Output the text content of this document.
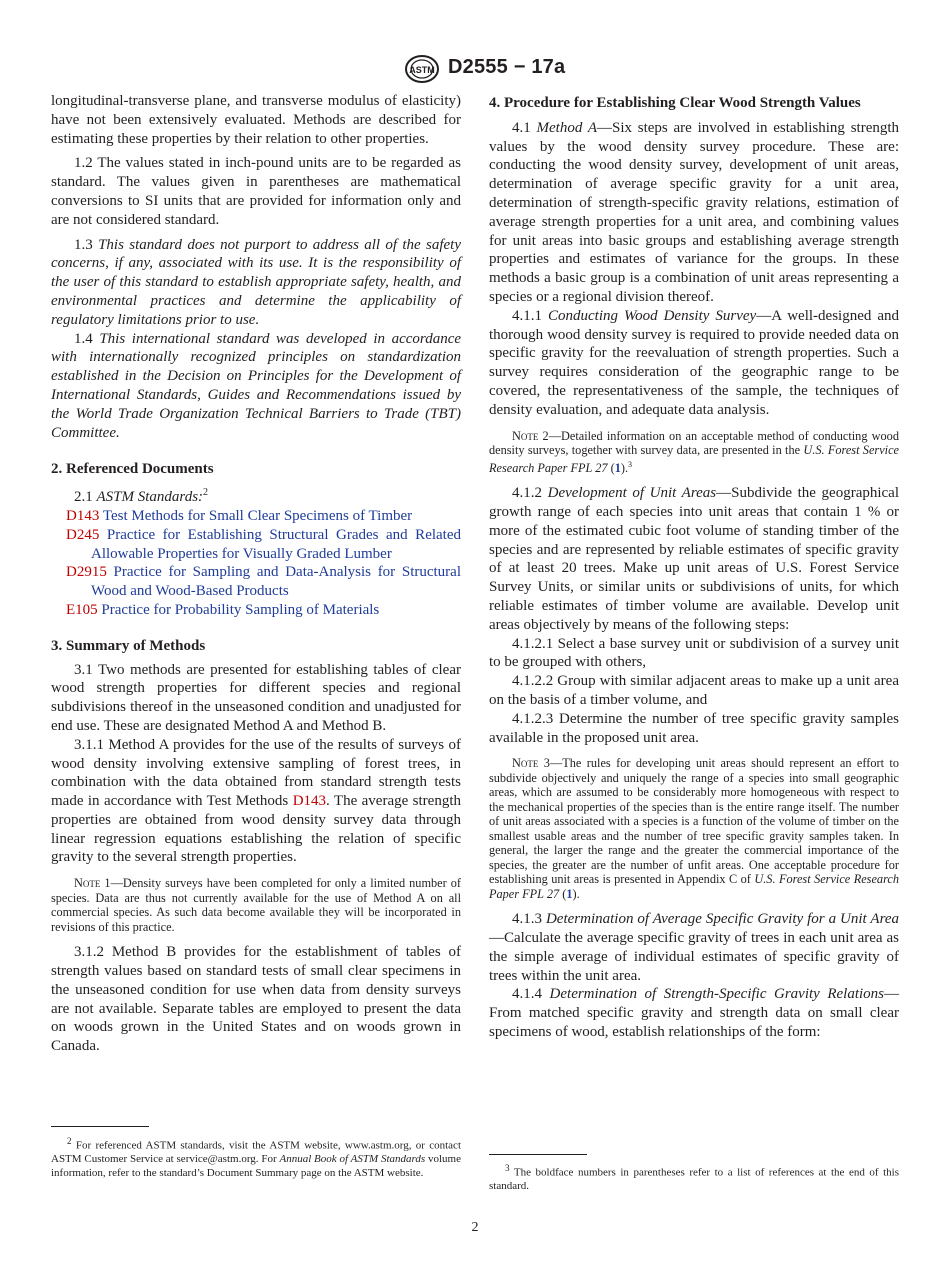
ASTM D2555 − 17a

longitudinal-transverse plane, and transverse modulus of elasticity) have not been extensively evaluated. Methods are described for estimating these properties by their relation to other properties.

1.2 The values stated in inch-pound units are to be regarded as standard. The values given in parentheses are mathematical conversions to SI units that are provided for information only and are not considered standard.

1.3 This standard does not purport to address all of the safety concerns, if any, associated with its use. It is the responsibility of the user of this standard to establish appropriate safety, health, and environmental practices and determine the applicability of regulatory limitations prior to use.

1.4 This international standard was developed in accordance with internationally recognized principles on standardization established in the Decision on Principles for the Development of International Standards, Guides and Recommendations issued by the World Trade Organization Technical Barriers to Trade (TBT) Committee.

2. Referenced Documents

2.1 ASTM Standards:$^2$

D143 Test Methods for Small Clear Specimens of Timber
D245 Practice for Establishing Structural Grades and Related Allowable Properties for Visually Graded Lumber
D2915 Practice for Sampling and Data-Analysis for Structural Wood and Wood-Based Products
E105 Practice for Probability Sampling of Materials
3. Summary of Methods

3.1 Two methods are presented for establishing tables of clear wood strength properties for different species and regional subdivisions thereof in the unseasoned condition and unadjusted for end use. These are designated Method A and Method B.

3.1.1 Method A provides for the use of the results of surveys of wood density involving extensive sampling of forest trees, in combination with the data obtained from standard strength tests made in accordance with Test Methods D143. The average strength properties are obtained from wood density survey data through linear regression equations establishing the relation of specific gravity to the several strength properties.

Note 1—Density surveys have been completed for only a limited number of species. Data are thus not currently available for the use of Method A on all commercial species. As such data become available they will be incorporated in revisions of this practice.

3.1.2 Method B provides for the establishment of tables of strength values based on standard tests of small clear specimens in the unseasoned condition for use when data from density surveys are not available. Separate tables are employed to present the data on woods grown in the United States and on woods grown in Canada.

$^2$ For referenced ASTM standards, visit the ASTM website, www.astm.org, or contact ASTM Customer Service at service@astm.org. For Annual Book of ASTM Standards volume information, refer to the standard’s Document Summary page on the ASTM website.
4. Procedure for Establishing Clear Wood Strength Values

4.1 Method A—Six steps are involved in establishing strength values by the wood density survey procedure. These are: conducting the wood density survey, development of unit areas, determination of average specific gravity for a unit area, determination of strength-specific gravity relations, estimation of average strength properties for a unit area, and combining values for unit areas into basic groups and establishing average strength properties and estimates of variance for the groups. In these methods a basic group is a combination of unit areas representing a species or a regional division thereof.

4.1.1 Conducting Wood Density Survey—A well-designed and thorough wood density survey is required to provide needed data on specific gravity for the reevaluation of strength properties. Such a survey requires consideration of the geographic range to be covered, the representativeness of the sample, the techniques of density evaluation, and adequate data analysis.

Note 2—Detailed information on an acceptable method of conducting wood density surveys, together with survey data, are presented in the U.S. Forest Service Research Paper FPL 27 (1).$^3$

4.1.2 Development of Unit Areas—Subdivide the geographical growth range of each species into unit areas that contain 1 % or more of the estimated cubic foot volume of standing timber of the species and are represented by reliable estimates of specific gravity of at least 20 trees. Make up unit areas of U.S. Forest Service Survey Units, or similar units or subdivisions of units, for which reliable estimates of timber volume are available. Develop unit areas objectively by means of the following steps:

4.1.2.1 Select a base survey unit or subdivision of a survey unit to be grouped with others,

4.1.2.2 Group with similar adjacent areas to make up a unit area on the basis of a timber volume, and

4.1.2.3 Determine the number of tree specific gravity samples available in the proposed unit area.

Note 3—The rules for developing unit areas should represent an effort to subdivide objectively and uniquely the range of a species into small geographic areas, which are assumed to be considerably more homogeneous with respect to the mechanical properties of the species than is the entire range itself. The number of unit areas associated with a species is a function of the volume of timber on the smallest usable areas and the number of tree specific gravity samples taken. In general, the larger the range and the greater the commercial importance of the species, the greater are the number of unfit areas. One acceptable procedure for establishing unit areas is presented in Appendix C of U.S. Forest Service Research Paper FPL 27 (1).

4.1.3 Determination of Average Specific Gravity for a Unit Area—Calculate the average specific gravity of trees in each unit area as the simple average of individual estimates of specific gravity of trees within the unit area.

4.1.4 Determination of Strength-Specific Gravity Relations—From matched specific gravity and strength data on small clear specimens of wood, establish relationships of the form:

$^3$ The boldface numbers in parentheses refer to a list of references at the end of this standard.
2
